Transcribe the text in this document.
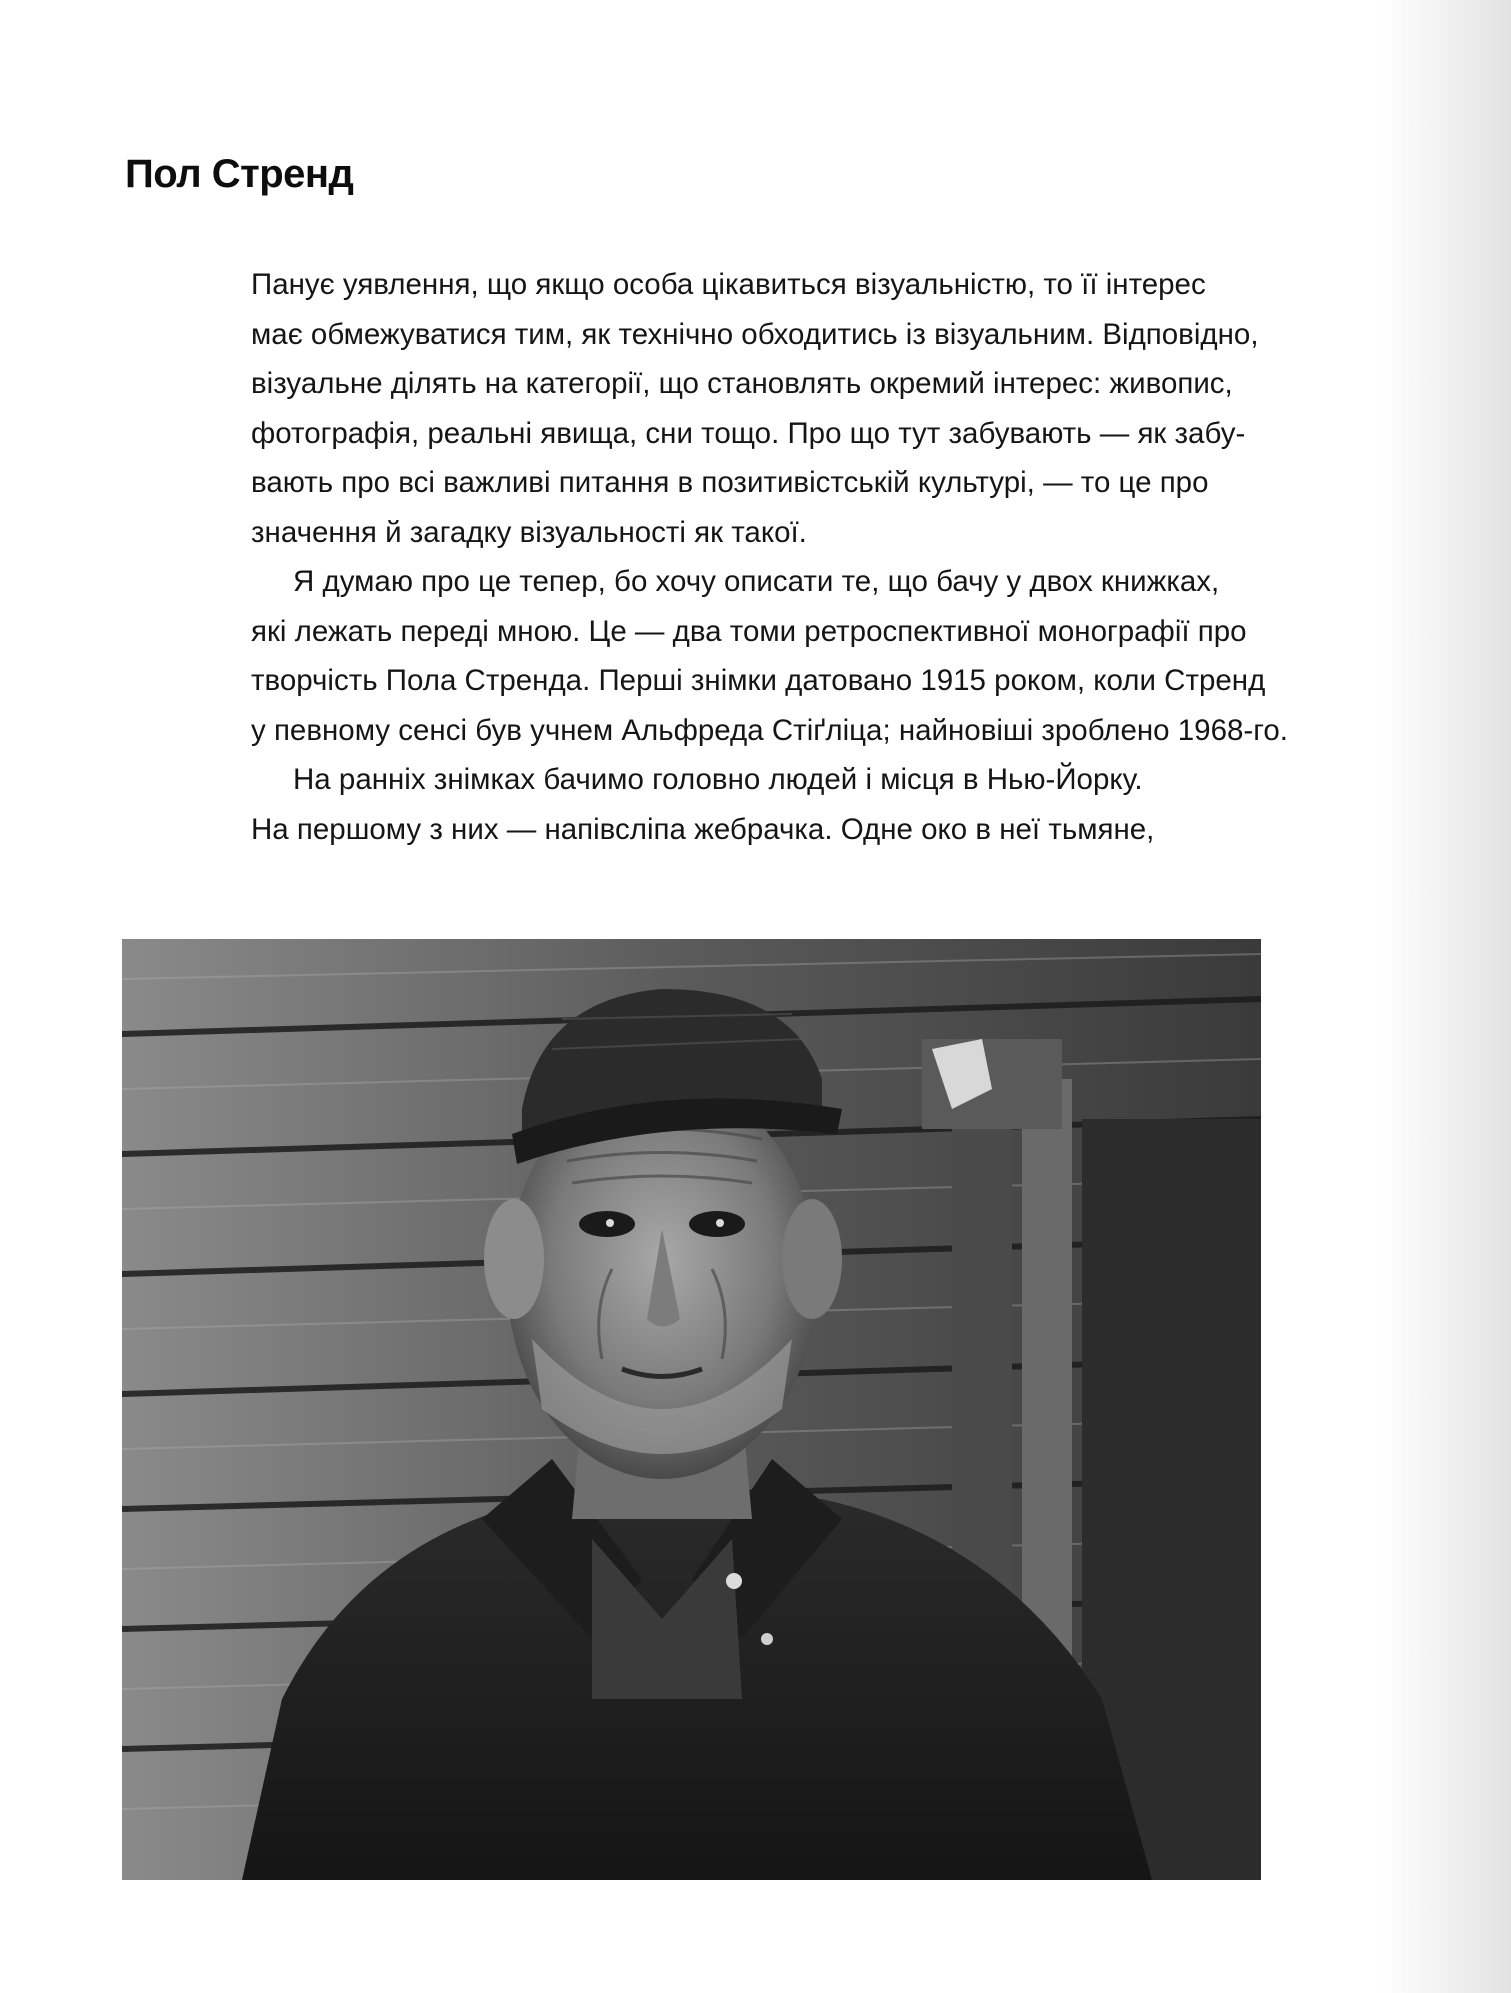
Пол Стренд
Панує уявлення, що якщо особа цікавиться візуальністю, то її інтерес
має обмежуватися тим, як технічно обходитись із візуальним. Відповідно,
візуальне ділять на категорії, що становлять окремий інтерес: живопис,
фотографія, реальні явища, сни тощо. Про що тут забувають — як забу-
вають про всі важливі питання в позитивістській культурі, — то це про
значення й загадку візуальності як такої.
Я думаю про це тепер, бо хочу описати те, що бачу у двох книжках,
які лежать переді мною. Це — два томи ретроспективної монографії про
творчість Пола Стренда. Перші знімки датовано 1915 роком, коли Стренд
у певному сенсі був учнем Альфреда Стіґліца; найновіші зроблено 1968-го.
На ранніх знімках бачимо головно людей і місця в Нью-Йорку.
На першому з них — напівсліпа жебрачка. Одне око в неї тьмяне,
